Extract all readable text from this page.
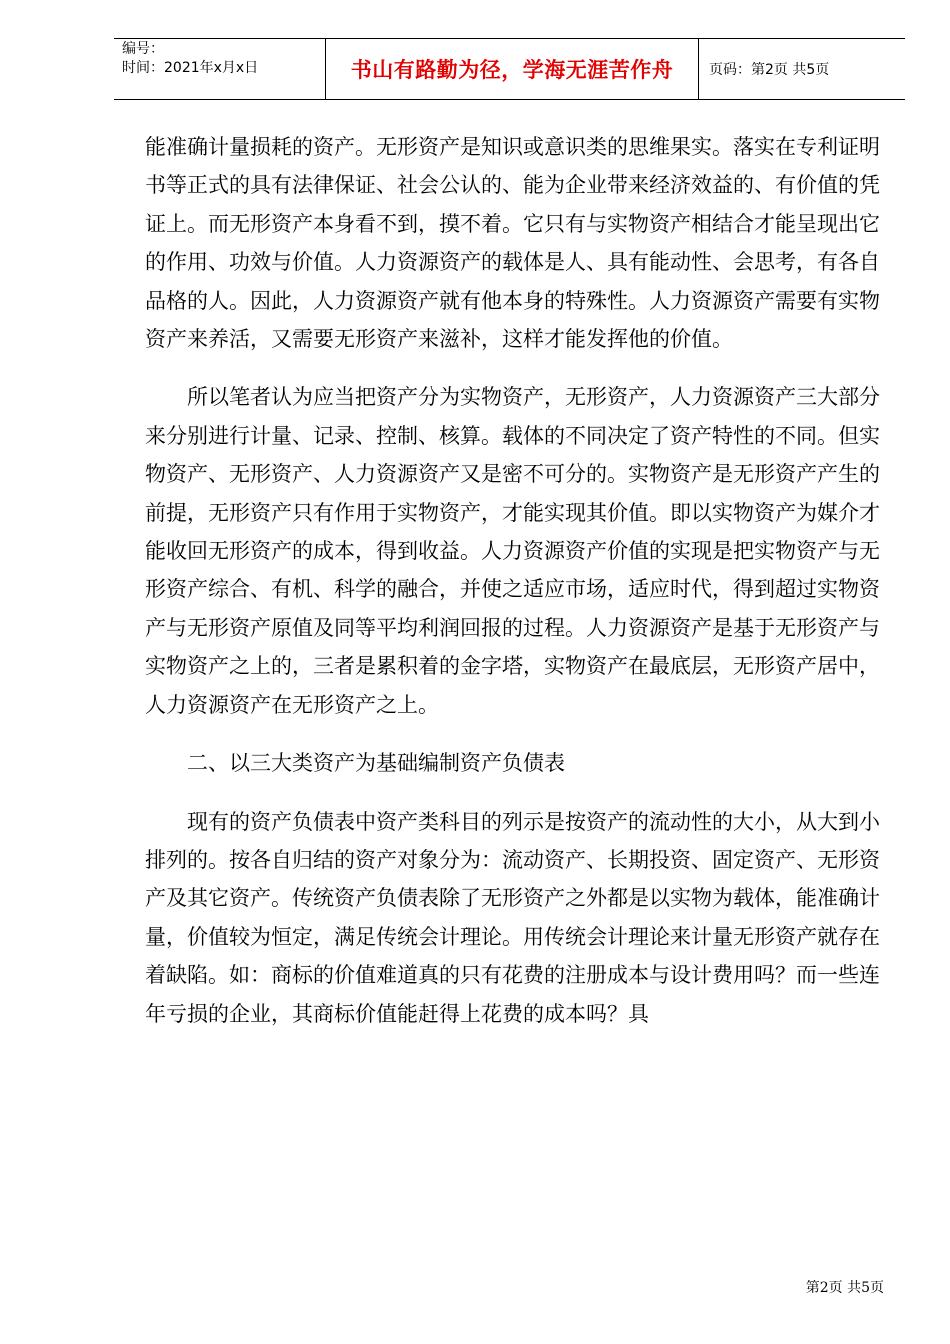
编号：
时间：2021年x月x日	书山有路勤为径，学海无涯苦作舟	页码：第2页 共5页

能准确计量损耗的资产。无形资产是知识或意识类的思维果实。落实在专利证明书等正式的具有法律保证、社会公认的、能为企业带来经济效益的、有价值的凭证上。而无形资产本身看不到，摸不着。它只有与实物资产相结合才能呈现出它的作用、功效与价值。人力资源资产的载体是人、具有能动性、会思考，有各自品格的人。因此，人力资源资产就有他本身的特殊性。人力资源资产需要有实物资产来养活，又需要无形资产来滋补，这样才能发挥他的价值。

所以笔者认为应当把资产分为实物资产，无形资产，人力资源资产三大部分来分别进行计量、记录、控制、核算。载体的不同决定了资产特性的不同。但实物资产、无形资产、人力资源资产又是密不可分的。实物资产是无形资产产生的前提，无形资产只有作用于实物资产，才能实现其价值。即以实物资产为媒介才能收回无形资产的成本，得到收益。人力资源资产价值的实现是把实物资产与无形资产综合、有机、科学的融合，并使之适应市场，适应时代，得到超过实物资产与无形资产原值及同等平均利润回报的过程。人力资源资产是基于无形资产与实物资产之上的，三者是累积着的金字塔，实物资产在最底层，无形资产居中，人力资源资产在无形资产之上。

二、以三大类资产为基础编制资产负债表

现有的资产负债表中资产类科目的列示是按资产的流动性的大小，从大到小排列的。按各自归结的资产对象分为：流动资产、长期投资、固定资产、无形资产及其它资产。传统资产负债表除了无形资产之外都是以实物为载体，能准确计量，价值较为恒定，满足传统会计理论。用传统会计理论来计量无形资产就存在着缺陷。如：商标的价值难道真的只有花费的注册成本与设计费用吗？而一些连年亏损的企业，其商标价值能赶得上花费的成本吗？具

第2页 共5页
